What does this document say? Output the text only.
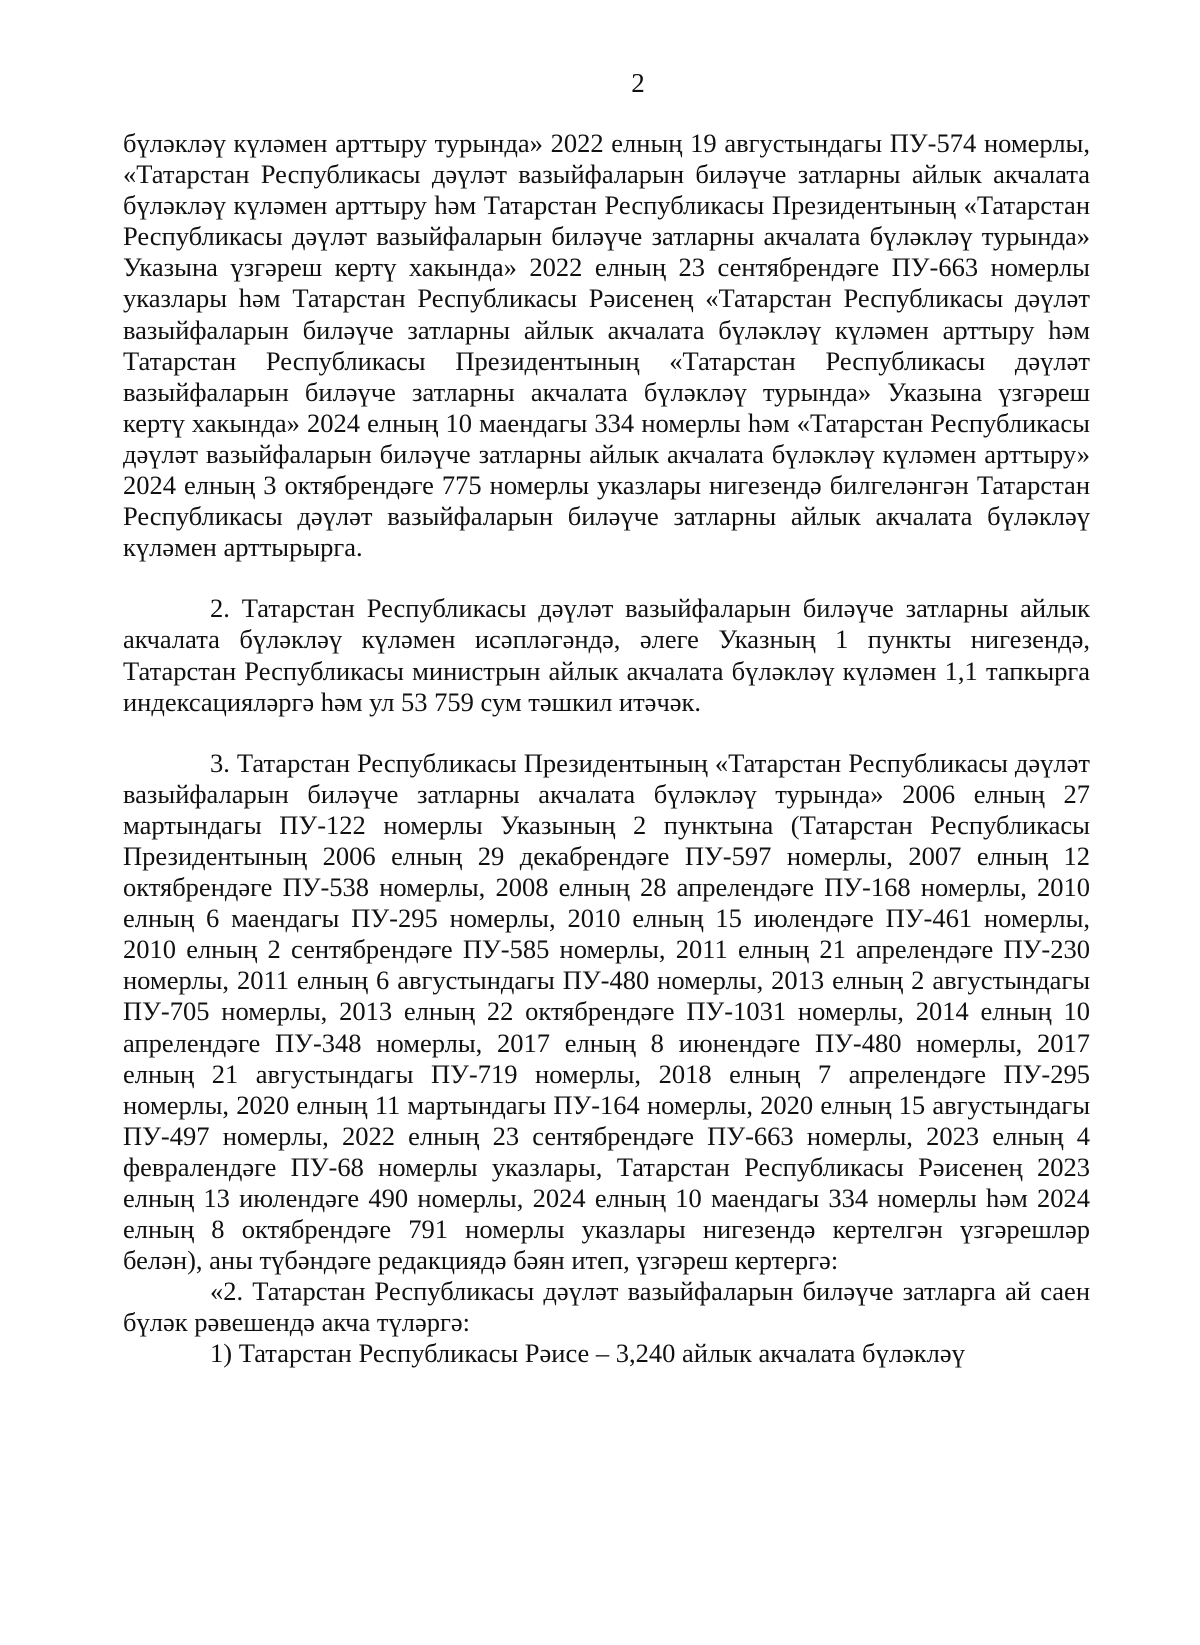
2

бүләкләү күләмен арттыру турында» 2022 елның 19 августындагы ПУ-574 номерлы, «Татарстан Республикасы дәүләт вазыйфаларын биләүче затларны айлык акчалата бүләкләү күләмен арттыру һәм Татарстан Республикасы Президентының «Татарстан Республикасы дәүләт вазыйфаларын биләүче затларны акчалата бүләкләү турында» Указына үзгәреш кертү хакында» 2022 елның 23 сентябрендәге ПУ-663 номерлы указлары һәм Татарстан Республикасы Рәисенең «Татарстан Республикасы дәүләт вазыйфаларын биләүче затларны айлык акчалата бүләкләү күләмен арттыру һәм Татарстан Республикасы Президентының «Татарстан Республикасы дәүләт вазыйфаларын биләүче затларны акчалата бүләкләү турында» Указына үзгәреш кертү хакында» 2024 елның 10 маендагы 334 номерлы һәм «Татарстан Республикасы дәүләт вазыйфаларын биләүче затларны айлык акчалата бүләкләү күләмен арттыру» 2024 елның 3 октябрендәге 775 номерлы указлары нигезендә билгеләнгән Татарстан Республикасы дәүләт вазыйфаларын биләүче затларны айлык акчалата бүләкләү күләмен арттырырга.

2. Татарстан Республикасы дәүләт вазыйфаларын биләүче затларны айлык акчалата бүләкләү күләмен исәпләгәндә, әлеге Указның 1 пункты нигезендә, Татарстан Республикасы министрын айлык акчалата бүләкләү күләмен 1,1 тапкырга индексацияләргә һәм ул 53 759 сум тәшкил итәчәк.

3. Татарстан Республикасы Президентының «Татарстан Республикасы дәүләт вазыйфаларын биләүче затларны акчалата бүләкләү турында» 2006 елның 27 мартындагы ПУ-122 номерлы Указының 2 пунктына (Татарстан Республикасы Президентының 2006 елның 29 декабрендәге ПУ-597 номерлы, 2007 елның 12 октябрендәге ПУ-538 номерлы, 2008 елның 28 апрелендәге ПУ-168 номерлы, 2010 елның 6 маендагы ПУ-295 номерлы, 2010 елның 15 июлендәге ПУ-461 номерлы, 2010 елның 2 сентябрендәге ПУ-585 номерлы, 2011 елның 21 апрелендәге ПУ-230 номерлы, 2011 елның 6 августындагы ПУ-480 номерлы, 2013 елның 2 августындагы ПУ-705 номерлы, 2013 елның 22 октябрендәге ПУ-1031 номерлы, 2014 елның 10 апрелендәге ПУ-348 номерлы, 2017 елның 8 июнендәге ПУ-480 номерлы, 2017 елның 21 августындагы ПУ-719 номерлы, 2018 елның 7 апрелендәге ПУ-295 номерлы, 2020 елның 11 мартындагы ПУ-164 номерлы, 2020 елның 15 августындагы ПУ-497 номерлы, 2022 елның 23 сентябрендәге ПУ-663 номерлы, 2023 елның 4 февралендәге ПУ-68 номерлы указлары, Татарстан Республикасы Рәисенең 2023 елның 13 июлендәге 490 номерлы, 2024 елның 10 маендагы 334 номерлы һәм 2024 елның 8 октябрендәге 791 номерлы указлары нигезендә кертелгән үзгәрешләр белән), аны түбәндәге редакциядә бәян итеп, үзгәреш кертергә:

«2. Татарстан Республикасы дәүләт вазыйфаларын биләүче затларга ай саен бүләк рәвешендә акча түләргә:

1) Татарстан Республикасы Рәисе – 3,240 айлык акчалата бүләкләү
